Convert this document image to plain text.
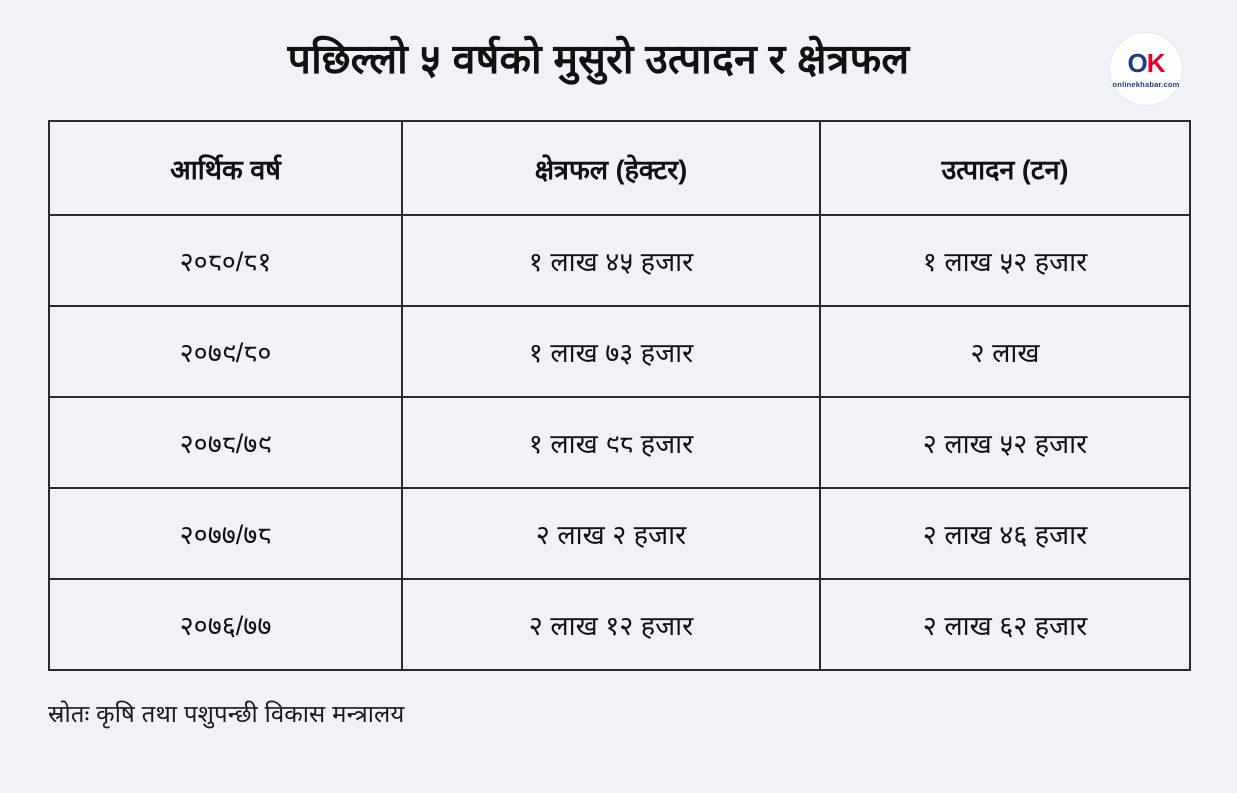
पछिल्लो ५ वर्षको मुसुरो उत्पादन र क्षेत्रफल	O K
onlinekhabar.com
आर्थिक वर्ष	क्षेत्रफल (हेक्टर)	उत्पादन (टन)
२०८०/८१	१ लाख ४५ हजार	१ लाख ५२ हजार
२०७९/८०	१ लाख ७३ हजार	२ लाख
२०७८/७९	१ लाख ९८ हजार	२ लाख ५२ हजार
२०७७/७८	२ लाख २ हजार	२ लाख ४६ हजार
२०७६/७७	२ लाख १२ हजार	२ लाख ६२ हजार
स्रोतः कृषि तथा पशुपन्छी विकास मन्त्रालय
